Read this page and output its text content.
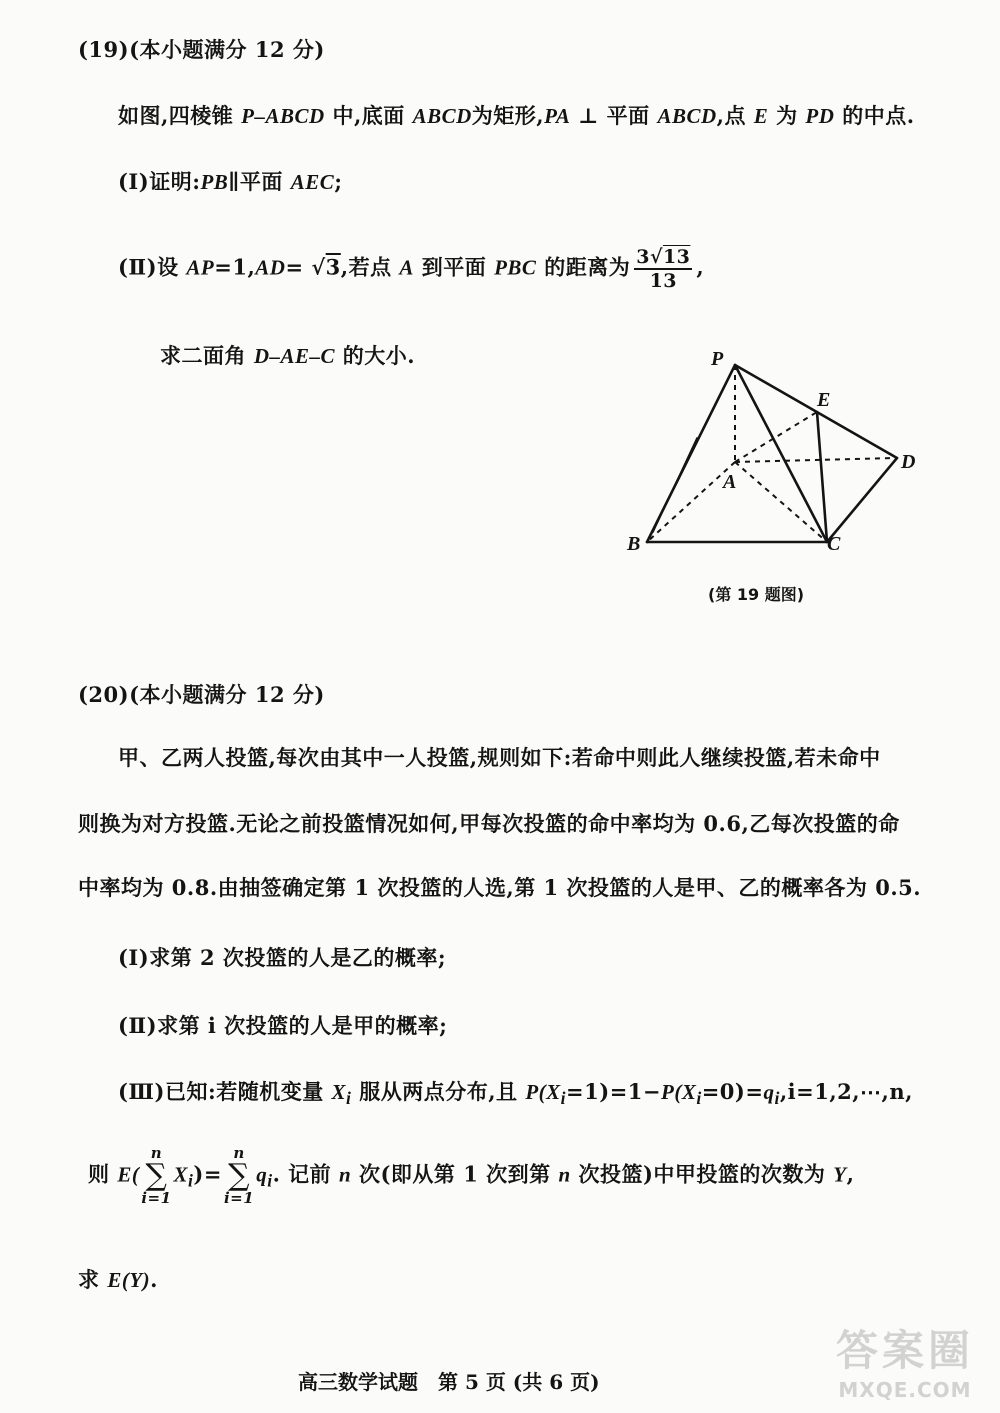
(19)(本小题满分 12 分)
如图,四棱锥 P–ABCD 中,底面 ABCD为矩形,PA ⊥ 平面 ABCD,点 E 为 PD 的中点.
(Ⅰ)证明:PB∥平面 AEC;
(Ⅱ)设 AP=1,AD= √3,若点 A 到平面 PBC 的距离为 $\frac{3√13}{13}$ ,
求二面角 D–AE–C 的大小.	P
E
D
A
B	C
(第 19 题图)
(20)(本小题满分 12 分)
甲、乙两人投篮,每次由其中一人投篮,规则如下:若命中则此人继续投篮,若未命中
则换为对方投篮.无论之前投篮情况如何,甲每次投篮的命中率均为 0.6,乙每次投篮的命
中率均为 0.8.由抽签确定第 1 次投篮的人选,第 1 次投篮的人是甲、乙的概率各为 0.5.
(Ⅰ)求第 2 次投篮的人是乙的概率;
(Ⅱ)求第 i 次投篮的人是甲的概率;
(Ⅲ)已知:若随机变量 $X_i$ 服从两点分布,且 $P(X_i=1)=1-P(X_i=0)=q_i,i=1,2,\cdots,n$,
则 E(
n
∑
i=1
$X_i)=$
n
∑
i=1
$q_i$. 记前 n 次(即从第 1 次到第 n 次投篮)中甲投篮的次数为 Y,
求 E(Y).
高三数学试题　第 5 页 (共 6 页)
答案圈
MXQE.COM
